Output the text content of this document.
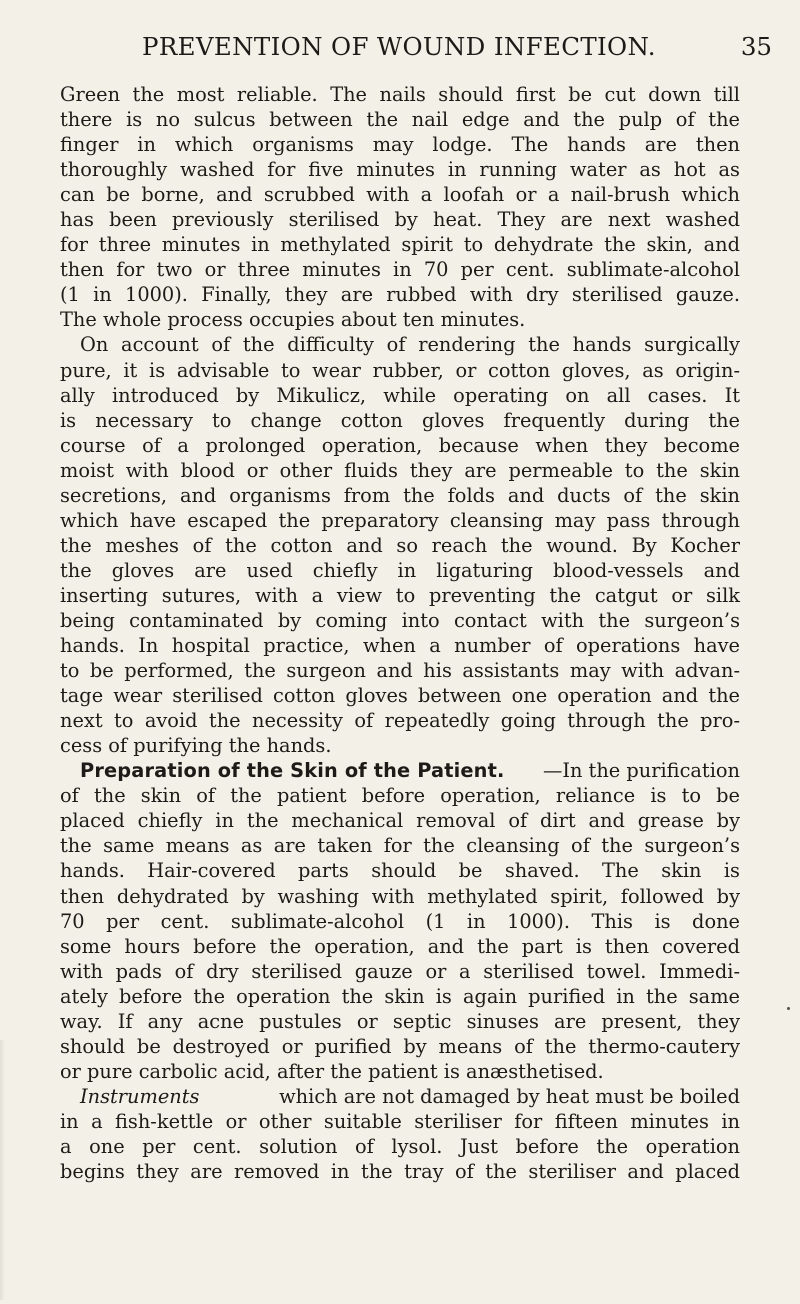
PREVENTION OF WOUND INFECTION.	35
Green the most reliable. The nails should first be cut down till
there is no sulcus between the nail edge and the pulp of the
finger in which organisms may lodge. The hands are then
thoroughly washed for five minutes in running water as hot as
can be borne, and scrubbed with a loofah or a nail-brush which
has been previously sterilised by heat. They are next washed
for three minutes in methylated spirit to dehydrate the skin, and
then for two or three minutes in 70 per cent. sublimate-alcohol
(1 in 1000). Finally, they are rubbed with dry sterilised gauze.
The whole process occupies about ten minutes.
On account of the difficulty of rendering the hands surgically
pure, it is advisable to wear rubber, or cotton gloves, as origin-
ally introduced by Mikulicz, while operating on all cases. It
is necessary to change cotton gloves frequently during the
course of a prolonged operation, because when they become
moist with blood or other fluids they are permeable to the skin
secretions, and organisms from the folds and ducts of the skin
which have escaped the preparatory cleansing may pass through
the meshes of the cotton and so reach the wound. By Kocher
the gloves are used chiefly in ligaturing blood-vessels and
inserting sutures, with a view to preventing the catgut or silk
being contaminated by coming into contact with the surgeon’s
hands. In hospital practice, when a number of operations have
to be performed, the surgeon and his assistants may with advan-
tage wear sterilised cotton gloves between one operation and the
next to avoid the necessity of repeatedly going through the pro-
cess of purifying the hands.
Preparation of the Skin of the Patient. —In the purification
of the skin of the patient before operation, reliance is to be
placed chiefly in the mechanical removal of dirt and grease by
the same means as are taken for the cleansing of the surgeon’s
hands. Hair-covered parts should be shaved. The skin is
then dehydrated by washing with methylated spirit, followed by
70 per cent. sublimate-alcohol (1 in 1000). This is done
some hours before the operation, and the part is then covered
with pads of dry sterilised gauze or a sterilised towel. Immedi-
ately before the operation the skin is again purified in the same
way. If any acne pustules or septic sinuses are present, they
should be destroyed or purified by means of the thermo-cautery
or pure carbolic acid, after the patient is anæsthetised.
Instruments	which are not damaged by heat must be boiled
in a fish-kettle or other suitable steriliser for fifteen minutes in
a one per cent. solution of lysol. Just before the operation
begins they are removed in the tray of the steriliser and placed
